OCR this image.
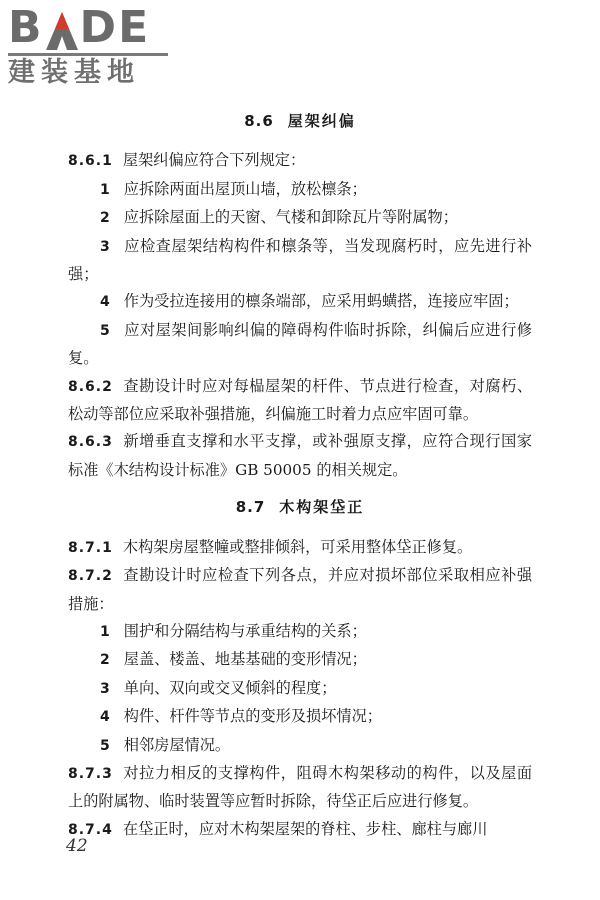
B D E
建装基地
8.6 屋架纠偏

8.6.1 屋架纠偏应符合下列规定：

1 应拆除两面出屋顶山墙，放松檩条；

2 应拆除屋面上的天窗、气楼和卸除瓦片等附属物；

3 应检查屋架结构构件和檩条等，当发现腐朽时，应先进行补强；

4 作为受拉连接用的檩条端部，应采用蚂蟥搭，连接应牢固；

5 应对屋架间影响纠偏的障碍构件临时拆除，纠偏后应进行修复。

8.6.2 查勘设计时应对每榀屋架的杆件、节点进行检查，对腐朽、松动等部位应采取补强措施，纠偏施工时着力点应牢固可靠。

8.6.3 新增垂直支撑和水平支撑，或补强原支撑，应符合现行国家标准《木结构设计标准》GB 50005 的相关规定。

8.7 木构架垈正

8.7.1 木构架房屋整幢或整排倾斜，可采用整体垈正修复。

8.7.2 查勘设计时应检查下列各点，并应对损坏部位采取相应补强措施：

1 围护和分隔结构与承重结构的关系；

2 屋盖、楼盖、地基基础的变形情况；

3 单向、双向或交叉倾斜的程度；

4 构件、杆件等节点的变形及损坏情况；

5 相邻房屋情况。

8.7.3 对拉力相反的支撑构件，阻碍木构架移动的构件，以及屋面上的附属物、临时装置等应暂时拆除，待垈正后应进行修复。

8.7.4 在垈正时，应对木构架屋架的脊柱、步柱、廊柱与廊川

42
